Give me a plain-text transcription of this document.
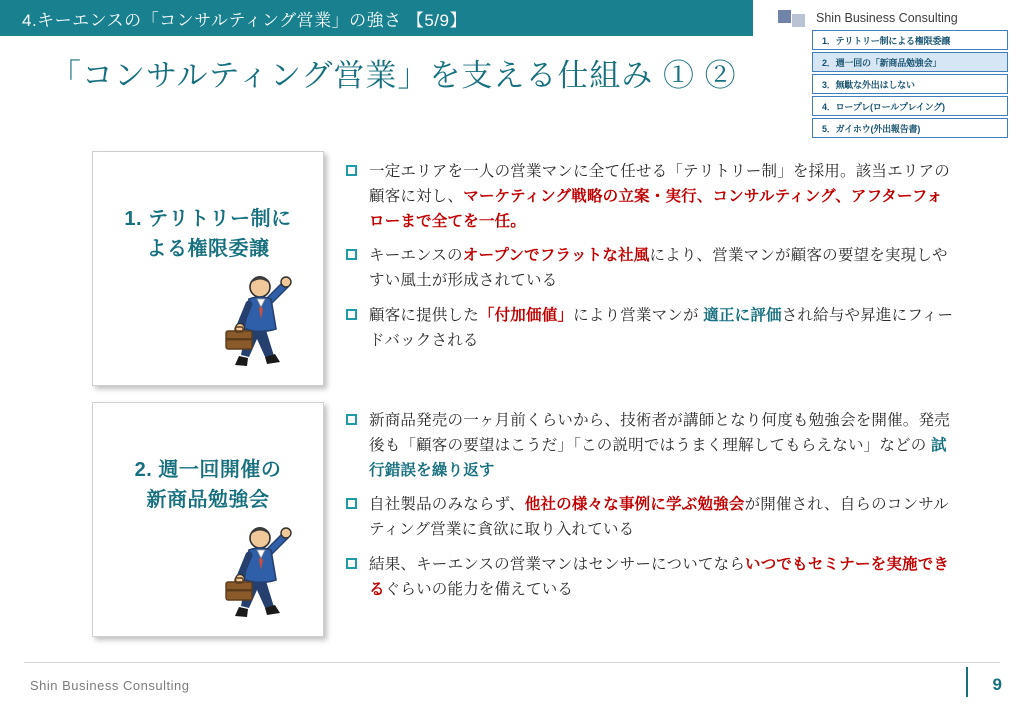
4.キーエンスの「コンサルティング営業」の強さ 【5/9】	Shin Business Consulting
1．テリトリー制による権限委譲
2．週一回の「新商品勉強会」
3．無駄な外出はしない
4．ロープレ(ロールプレイング)
5．ガイホウ(外出報告書)
「コンサルティング営業」を支える仕組み ① ②
1. テリトリー制に
よる権限委譲
2. 週一回開催の
新商品勉強会
一定エリアを一人の営業マンに全て任せる「テリトリー制」を採用。該当エリアの顧客に対し、マーケティング戦略の立案・実行、コンサルティング、アフターフォローまで全てを一任。
キーエンスのオープンでフラットな社風により、営業マンが顧客の要望を実現しやすい風土が形成されている
顧客に提供した「付加価値」により営業マンが 適正に評価され給与や昇進にフィードバックされる
新商品発売の一ヶ月前くらいから、技術者が講師となり何度も勉強会を開催。発売後も「顧客の要望はこうだ」「この説明ではうまく理解してもらえない」などの 試行錯誤を繰り返す
自社製品のみならず、他社の様々な事例に学ぶ勉強会が開催され、自らのコンサルティング営業に貪欲に取り入れている
結果、キーエンスの営業マンはセンサーについてならいつでもセミナーを実施できるぐらいの能力を備えている
Shin Business Consulting	9
